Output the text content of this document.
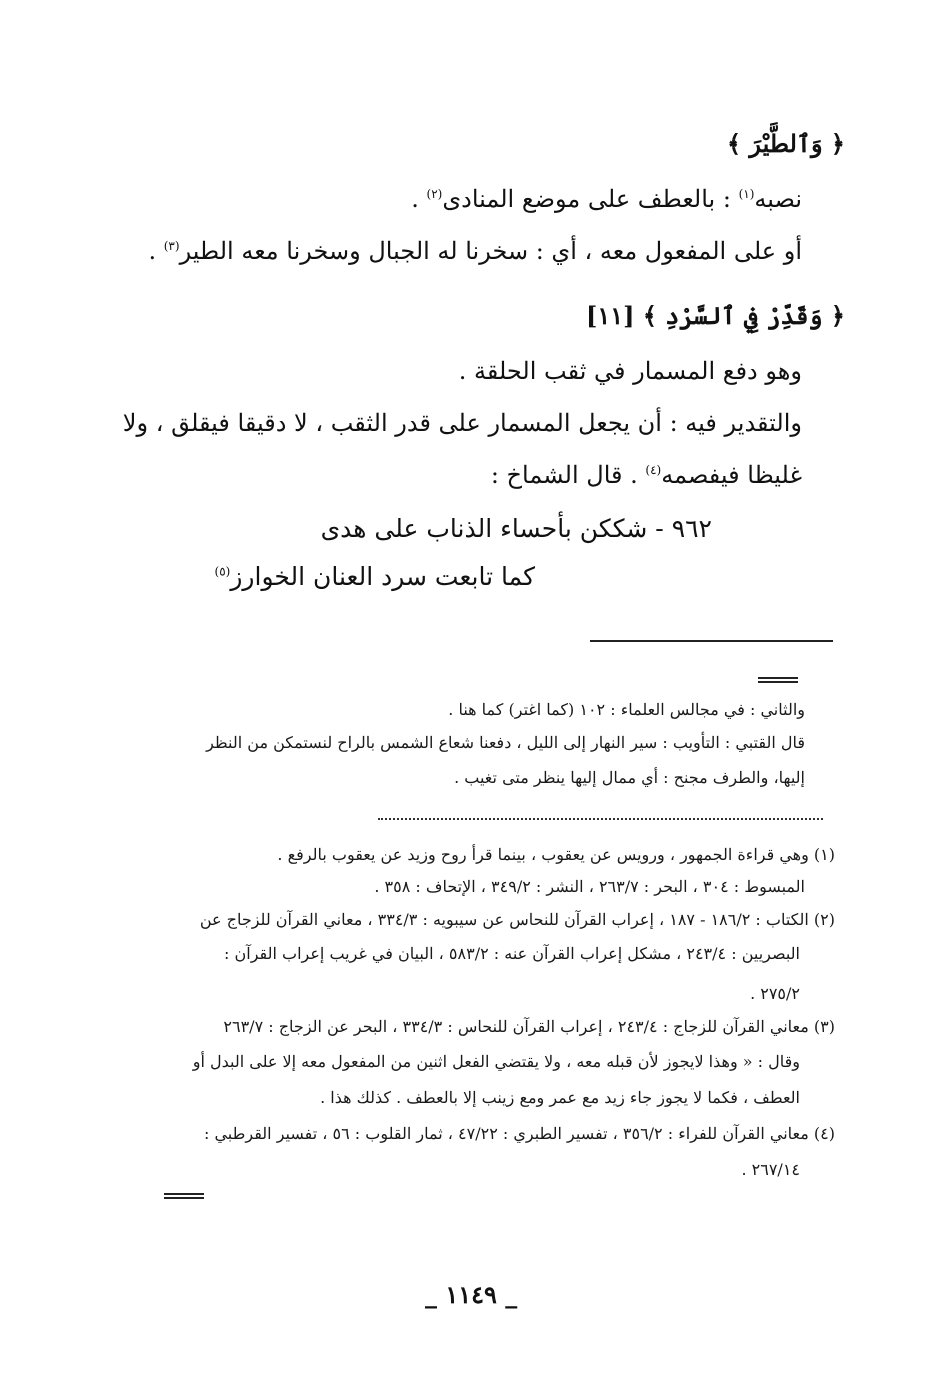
﴿ وَٱلطَّيْرَ ﴾
نصبه$^{(١)}$ : بالعطف على موضع المنادى$^{(٢)}$ .
أو على المفعول معه ، أي : سخرنا له الجبال وسخرنا معه الطير$^{(٣)}$ .
﴿ وَقَدِّرْ فِي ٱلسَّرْدِ ﴾ [١١]
وهو دفع المسمار في ثقب الحلقة .
والتقدير فيه : أن يجعل المسمار على قدر الثقب ، لا دقيقا فيقلق ، ولا
غليظا فيفصمه$^{(٤)}$ . قال الشماخ :
٩٦٢ - شككن بأحساء الذناب على هدى
كما تابعت سرد العنان الخوارز$^{(٥)}$
والثاني : في مجالس العلماء : ١٠٢ (كما اغتر) كما هنا .
قال القتبي : التأويب : سير النهار إلى الليل ، دفعنا شعاع الشمس بالراح لنستمكن من النظر
إليها، والطرف مجنح : أي ممال إليها ينظر متى تغيب .
(١) وهي قراءة الجمهور ، ورويس عن يعقوب ، بينما قرأ روح وزيد عن يعقوب بالرفع .
المبسوط : ٣٠٤ ، البحر : ٢٦٣/٧ ، النشر : ٣٤٩/٢ ، الإتحاف : ٣٥٨ .
(٢) الكتاب : ١٨٦/٢ - ١٨٧ ، إعراب القرآن للنحاس عن سيبويه : ٣٣٤/٣ ، معاني القرآن للزجاج عن
البصريين : ٢٤٣/٤ ، مشكل إعراب القرآن عنه : ٥٨٣/٢ ، البيان في غريب إعراب القرآن :
٢٧٥/٢ .
(٣) معاني القرآن للزجاج : ٢٤٣/٤ ، إعراب القرآن للنحاس : ٣٣٤/٣ ، البحر عن الزجاج : ٢٦٣/٧
وقال : « وهذا لايجوز لأن قبله معه ، ولا يقتضي الفعل اثنين من المفعول معه إلا على البدل أو
العطف ، فكما لا يجوز جاء زيد مع عمر ومع زينب إلا بالعطف . كذلك هذا .
(٤) معاني القرآن للفراء : ٣٥٦/٢ ، تفسير الطبري : ٤٧/٢٢ ، ثمار القلوب : ٥٦ ، تفسير القرطبي :
٢٦٧/١٤ .
_ ١١٤٩ _
